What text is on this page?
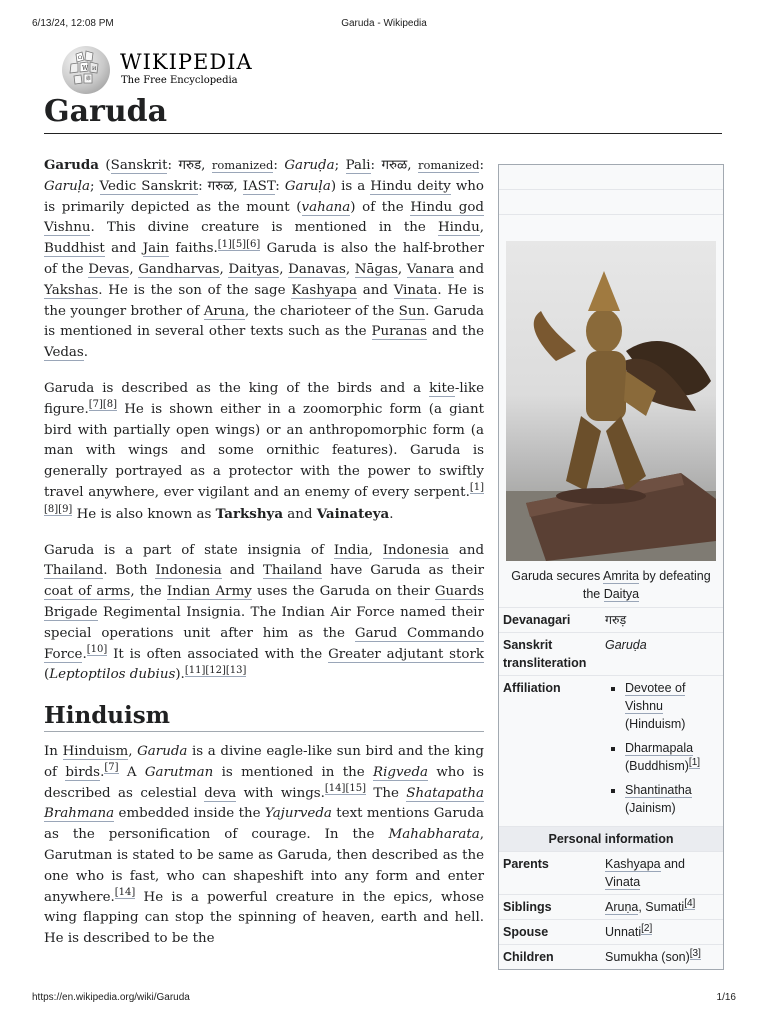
6/13/24, 12:08 PM	Garuda - Wikipedia
Ω
W И
維
WIKIPEDIA
The Free Encyclopedia
Garuda

Garuda (Sanskrit: गरुड, romanized: Garuḍa; Pali: गरुळ, romanized: Garuḷa; Vedic Sanskrit: गरुळ, IAST: Garuḷa) is a Hindu deity who is primarily depicted as the mount (vahana) of the Hindu god Vishnu. This divine creature is mentioned in the Hindu, Buddhist and Jain faiths.[1][5][6] Garuda is also the half-brother of the Devas, Gandharvas, Daityas, Danavas, Nāgas, Vanara and Yakshas. He is the son of the sage Kashyapa and Vinata. He is the younger brother of Aruna, the charioteer of the Sun. Garuda is mentioned in several other texts such as the Puranas and the Vedas.

Garuda is described as the king of the birds and a kite-like figure.[7][8] He is shown either in a zoomorphic form (a giant bird with partially open wings) or an anthropomorphic form (a man with wings and some ornithic features). Garuda is generally portrayed as a protector with the power to swiftly travel anywhere, ever vigilant and an enemy of every serpent.[1][8][9] He is also known as Tarkshya and Vainateya.

Garuda is a part of state insignia of India, Indonesia and Thailand. Both Indonesia and Thailand have Garuda as their coat of arms, the Indian Army uses the Garuda on their Guards Brigade Regimental Insignia. The Indian Air Force named their special operations unit after him as the Garud Commando Force.[10] It is often associated with the Greater adjutant stork (Leptoptilos dubius).[11][12][13]

Hinduism

In Hinduism, Garuda is a divine eagle-like sun bird and the king of birds.[7] A Garutman is mentioned in the Rigveda who is described as celestial deva with wings.[14][15] The Shatapatha Brahmana embedded inside the Yajurveda text mentions Garuda as the personification of courage. In the Mahabharata, Garutman is stated to be same as Garuda, then described as the one who is fast, who can shapeshift into any form and enter anywhere.[14] He is a powerful creature in the epics, whose wing flapping can stop the spinning of heaven, earth and hell. He is described to be the

Garuda secures Amrita by defeating the Daitya
Devanagari	गरुड़
Sanskrit transliteration
Garuḍa
Affiliation
▪	Devotee of Vishnu
(Hinduism)
▪ Dharmapala
(Buddhism)[1]
▪ Shantinatha
(Jainism)
Personal information
Parents	Kashyapa and Vinata
Siblings	Aruṇa, Sumati[4]
Spouse	Unnati[2]
Children	Sumukha (son)[3]
https://en.wikipedia.org/wiki/Garuda	1/16
